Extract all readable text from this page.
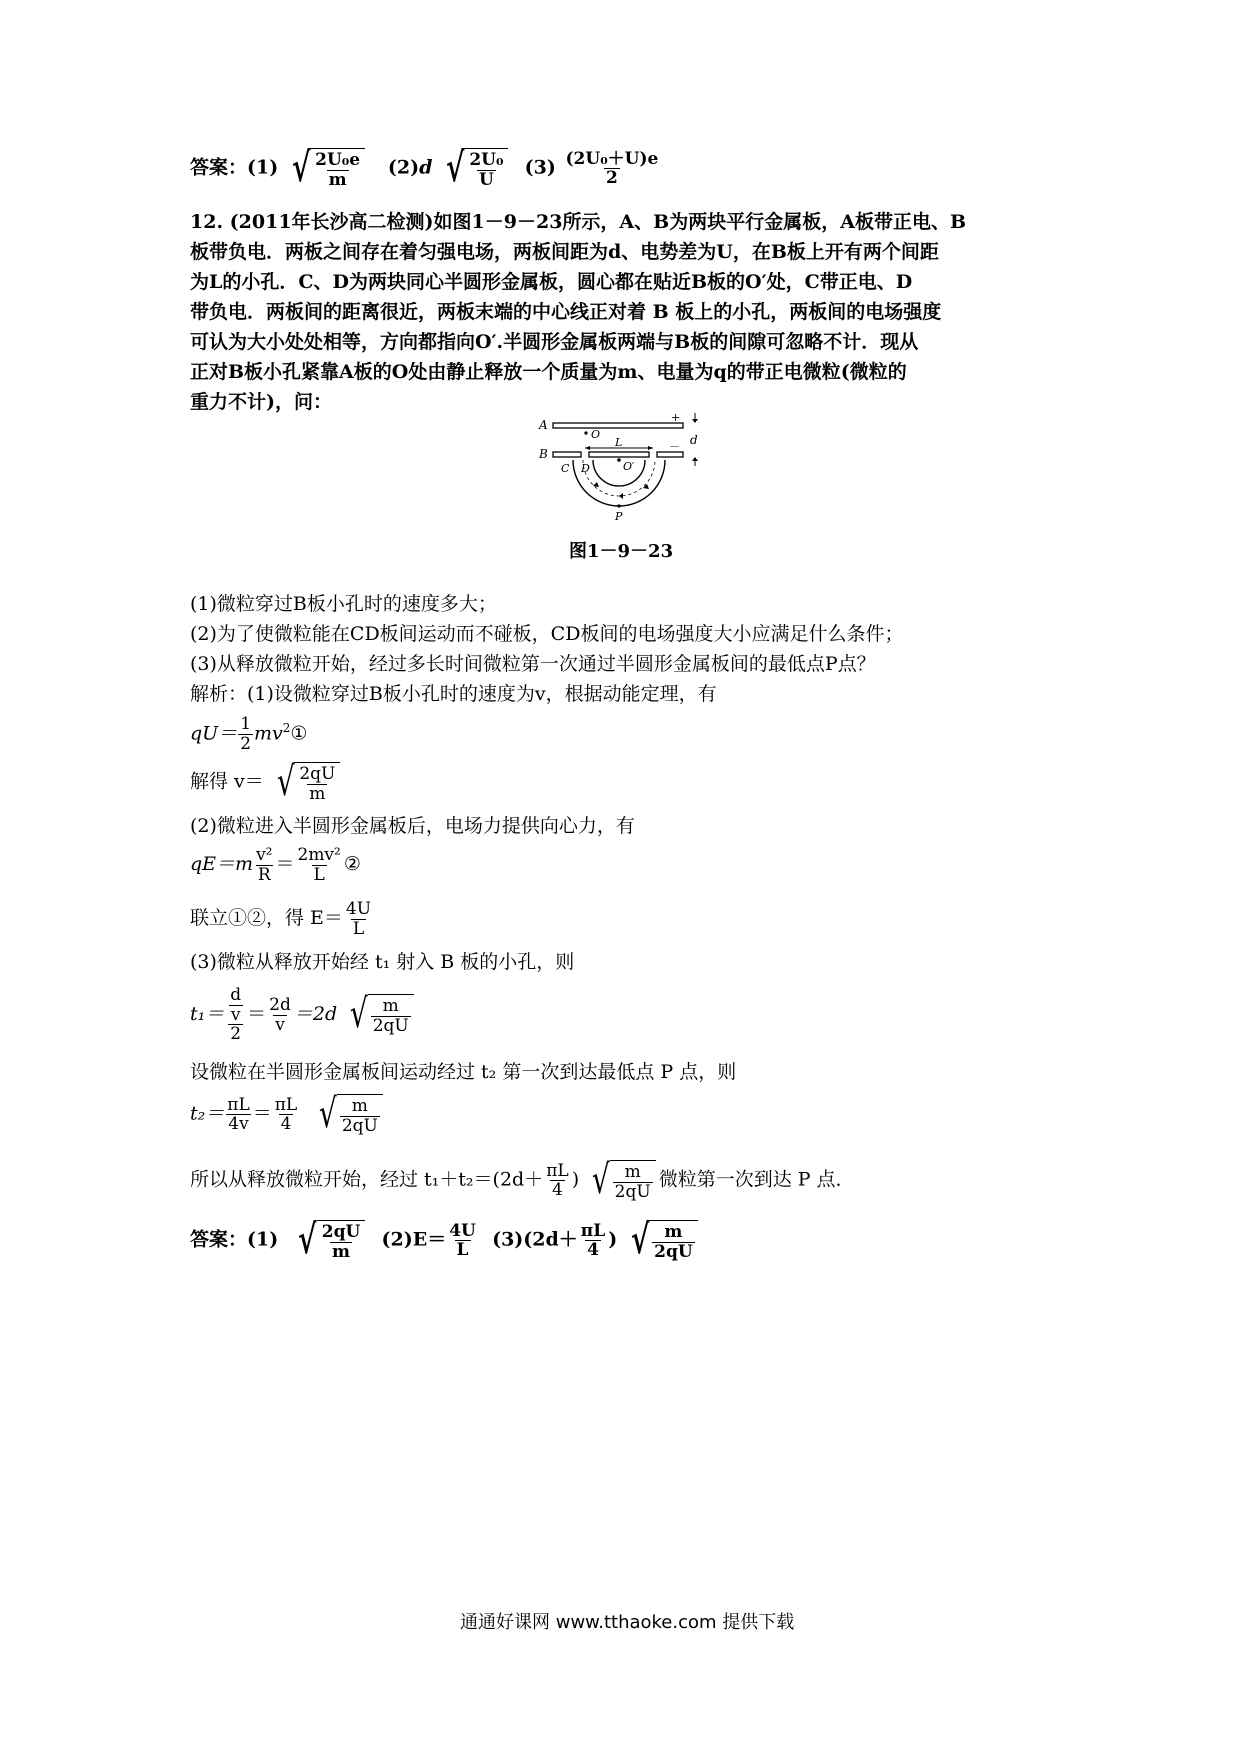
答案：(1) √ $\frac{\text{2U₀e}}{m} (2)d$ √ $\frac{\text{2U₀}}{U} (3) \frac{\text{(2U₀＋U)e}}{2}$
12. (2011年长沙高二检测)如图1－9－23所示，A、B为两块平行金属板，A板带正电、B
板带负电．两板之间存在着匀强电场，两板间距为d、电势差为U，在B板上开有两个间距
为L的小孔．C、D为两块同心半圆形金属板，圆心都在贴近B板的O′处，C带正电、D
带负电．两板间的距离很近，两板末端的中心线正对着 B 板上的小孔，两板间的电场强度
可认为大小处处相等，方向都指向O′.半圆形金属板两端与B板的间隙可忽略不计．现从
正对B板小孔紧靠A板的O处由静止释放一个质量为m、电量为q的带正电微粒(微粒的
重力不计)，问：
A
+
B
－ d
O
L
O′
C D
P
图1－9－23
(1)微粒穿过B板小孔时的速度多大；
(2)为了使微粒能在CD板间运动而不碰板，CD板间的电场强度大小应满足什么条件；
(3)从释放微粒开始，经过多长时间微粒第一次通过半圆形金属板间的最低点P点？
解析：(1)设微粒穿过B板小孔时的速度为v，根据动能定理，有
$qU= \frac{1}{2}$ $mv^2①$
解得 v＝ √ $\frac{2qU}{m}$
(2)微粒进入半圆形金属板后，电场力提供向心力，有
$qE=m \frac{\text{v²}}{R} = \frac{\text{2mv²}}{L}$ ②
联立①②，得 $E= \frac{4U}{L}$
(3)微粒从释放开始经 t₁ 射入 B 板的小孔，则
$t_1= \frac{\frac{d}{v}}{2} = \frac{2d}{v} =2d$ √ $\frac{m}{2qU}$
设微粒在半圆形金属板间运动经过 t₂ 第一次到达最低点 P 点，则
$t_2= \frac{\pi L}{4v} = \frac{\pi L}{4}$
√ $\frac{m}{2qU}$
所以从释放微粒开始，经过 $t_1+t_2=(2d+ \frac{\pi L}{4}$ ) √ $\frac{m}{2qU}$ 微粒第一次到达 P 点．
答案：(1) √ $\frac{2qU}{m} (2)E= \frac{4U}{L} (3)(2d+ \frac{\pi L}{4}$ ) √ $\frac{m}{2qU}$
通通好课网 www.tthaoke.com 提供下载
